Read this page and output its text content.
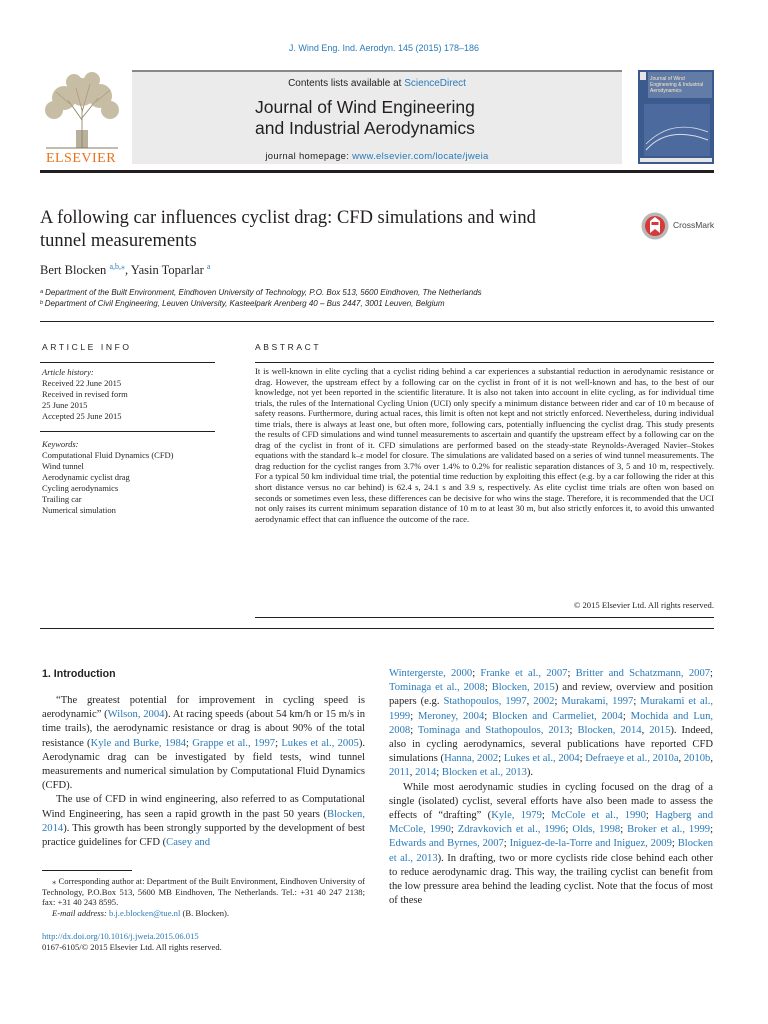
J. Wind Eng. Ind. Aerodyn. 145 (2015) 178–186
ELSEVIER
Contents lists available at ScienceDirect
Journal of Wind Engineering
and Industrial Aerodynamics
journal homepage: www.elsevier.com/locate/jweia
Journal of Wind Engineering & Industrial Aerodynamics
A following car influences cyclist drag: CFD simulations and wind
tunnel measurements
CrossMark
Bert Blocken $^{a,b,⁎}$, Yasin Toparlar $^a$
ᵃ Department of the Built Environment, Eindhoven University of Technology, P.O. Box 513, 5600 Eindhoven, The Netherlands
ᵇ Department of Civil Engineering, Leuven University, Kasteelpark Arenberg 40 – Bus 2447, 3001 Leuven, Belgium
ARTICLE INFO	ABSTRACT
Article history:
Received 22 June 2015
Received in revised form
25 June 2015
Accepted 25 June 2015
Keywords:
Computational Fluid Dynamics (CFD)
Wind tunnel
Aerodynamic cyclist drag
Cycling aerodynamics
Trailing car
Numerical simulation
It is well-known in elite cycling that a cyclist riding behind a car experiences a substantial reduction in aerodynamic resistance or drag. However, the upstream effect by a following car on the cyclist in front of it is not well-known and has, to the best of our knowledge, not yet been reported in the scientific literature. It is also not taken into account in elite cycling, as for individual time trials, the rules of the International Cycling Union (UCI) only specify a minimum distance between rider and car of 10 m because of safety reasons. Furthermore, during actual races, this limit is often not kept and not strictly enforced. Nevertheless, during individual time trials, there is always at least one, but often more, following cars, potentially influencing the cyclist drag. This study presents the results of CFD simulations and wind tunnel measurements to ascertain and quantify the upstream effect by a following car on the drag of the cyclist in front of it. CFD simulations are performed based on the steady-state Reynolds-Averaged Navier–Stokes equations with the standard k–ε model for closure. The simulations are validated based on a series of wind tunnel measurements. The drag reduction for the cyclist ranges from 3.7% over 1.4% to 0.2% for realistic separation distances of 3, 5 and 10 m, respectively. For a typical 50 km individual time trial, the potential time reduction by exploiting this effect (e.g. by a car following the rider at this short distance versus no car behind) is 62.4 s, 24.1 s and 3.9 s, respectively. As elite cyclist time trials are often won based on seconds or sometimes even less, these differences can be decisive for who wins the stage. Therefore, it is recommended that the UCI not only raises its current minimum separation distance of 10 m to at least 30 m, but also strictly enforces it, to avoid this unwanted aerodynamic effect that can influence the outcome of the race.
© 2015 Elsevier Ltd. All rights reserved.
1. Introduction

“The greatest potential for improvement in cycling speed is aerodynamic” (Wilson, 2004). At racing speeds (about 54 km/h or 15 m/s in time trails), the aerodynamic resistance or drag is about 90% of the total resistance (Kyle and Burke, 1984; Grappe et al., 1997; Lukes et al., 2005). Aerodynamic drag can be investigated by field tests, wind tunnel measurements and numerical simulation by Computational Fluid Dynamics (CFD).

The use of CFD in wind engineering, also referred to as Computational Wind Engineering, has seen a rapid growth in the past 50 years (Blocken, 2014). This growth has been strongly supported by the development of best practice guidelines for CFD (Casey and

Wintergerste, 2000; Franke et al., 2007; Britter and Schatzmann, 2007; Tominaga et al., 2008; Blocken, 2015) and review, overview and position papers (e.g. Stathopoulos, 1997, 2002; Murakami, 1997; Murakami et al., 1999; Meroney, 2004; Blocken and Carmeliet, 2004; Mochida and Lun, 2008; Tominaga and Stathopoulos, 2013; Blocken, 2014, 2015). Indeed, also in cycling aerodynamics, several publications have reported CFD simulations (Hanna, 2002; Lukes et al., 2004; Defraeye et al., 2010a, 2010b, 2011, 2014; Blocken et al., 2013).

While most aerodynamic studies in cycling focused on the drag of a single (isolated) cyclist, several efforts have also been made to assess the effects of “drafting” (Kyle, 1979; McCole et al., 1990; Hagberg and McCole, 1990; Zdravkovich et al., 1996; Olds, 1998; Broker et al., 1999; Edwards and Byrnes, 2007; Iniguez-de-la-Torre and Iniguez, 2009; Blocken et al., 2013). In drafting, two or more cyclists ride close behind each other to reduce aerodynamic drag. This way, the trailing cyclist can benefit from the low pressure area behind the leading cyclist. Note that the focus of most of these

⁎ Corresponding author at: Department of the Built Environment, Eindhoven University of Technology, P.O.Box 513, 5600 MB Eindhoven, The Netherlands. Tel.: +31 40 247 2138; fax: +31 40 243 8595.
E-mail address: b.j.e.blocken@tue.nl (B. Blocken).
http://dx.doi.org/10.1016/j.jweia.2015.06.015
0167-6105/© 2015 Elsevier Ltd. All rights reserved.
